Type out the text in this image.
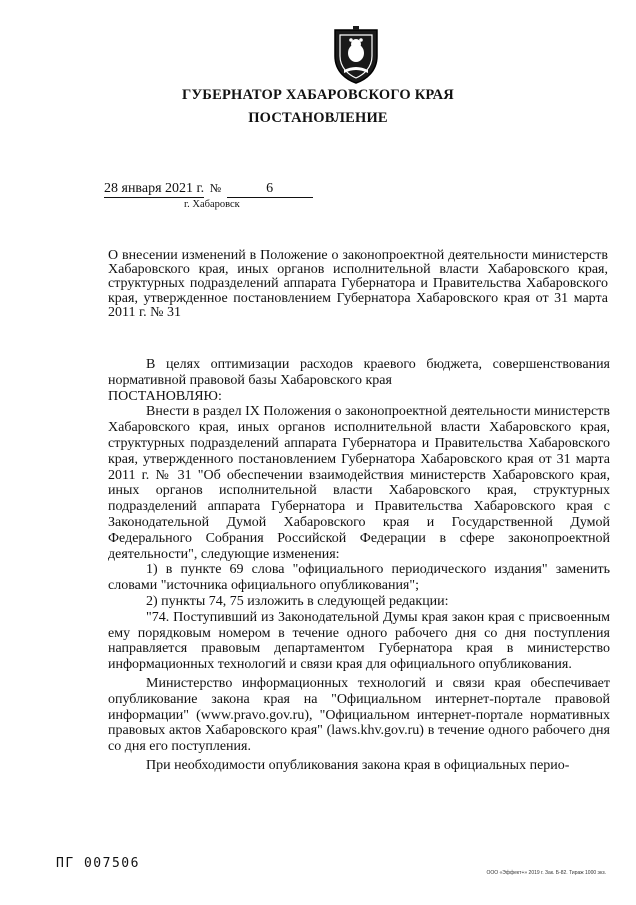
ГУБЕРНАТОР ХАБАРОВСКОГО КРАЯ
ПОСТАНОВЛЕНИЕ
28 января 2021 г. №	6
г. Хабаровск
О внесении изменений в Положение о законопроектной деятельности министерств Хабаровского края, иных органов исполнительной власти Хабаровского края, структурных подразделений аппарата Губернатора и Правительства Хабаровского края, утвержденное постановлением Губернатора Хабаровского края от 31 марта 2011 г. № 31

В целях оптимизации расходов краевого бюджета, совершенствования нормативной правовой базы Хабаровского края

ПОСТАНОВЛЯЮ:

Внести в раздел IX Положения о законопроектной деятельности министерств Хабаровского края, иных органов исполнительной власти Хабаровского края, структурных подразделений аппарата Губернатора и Правительства Хабаровского края, утвержденного постановлением Губернатора Хабаровского края от 31 марта 2011 г. № 31 "Об обеспечении взаимодействия министерств Хабаровского края, иных органов исполнительной власти Хабаровского края, структурных подразделений аппарата Губернатора и Правительства Хабаровского края с Законодательной Думой Хабаровского края и Государственной Думой Федерального Собрания Российской Федерации в сфере законопроектной деятельности", следующие изменения:

1) в пункте 69 слова "официального периодического издания" заменить словами "источника официального опубликования";

2) пункты 74, 75 изложить в следующей редакции:

"74. Поступивший из Законодательной Думы края закон края с присвоенным ему порядковым номером в течение одного рабочего дня со дня поступления направляется правовым департаментом Губернатора края в министерство информационных технологий и связи края для официального опубликования.

Министерство информационных технологий и связи края обеспечивает опубликование закона края на "Официальном интернет-портале правовой информации" (www.pravo.gov.ru), "Официальном интернет-портале нормативных правовых актов Хабаровского края" (laws.khv.gov.ru) в течение одного рабочего дня со дня его поступления.

При необходимости опубликования закона края в официальных перио-

ПГ 007506
ООО «Эффект+» 2019 г. Зак. Б-82. Тираж 1000 экз.
